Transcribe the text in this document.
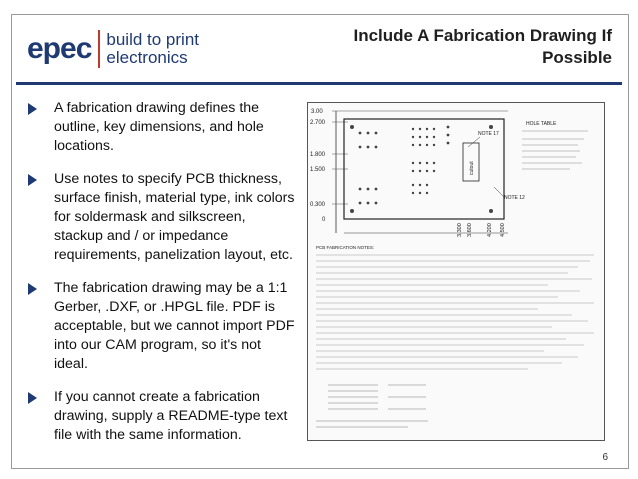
epec build to print
electronics
Include A Fabrication Drawing If
Possible
A fabrication drawing defines the outline, key dimensions, and hole locations.
Use notes to specify PCB thickness, surface finish, material type, ink colors for soldermask and silkscreen, stackup and / or impedance requirements, panelization layout, etc.
The fabrication drawing may be a 1:1 Gerber, .DXF, or .HPGL file. PDF is acceptable, but we cannot import PDF into our CAM program, so it's not ideal.
If you cannot create a fabrication drawing, supply a README-type text file with the same information.
3.00
2.700
1.800
1.500
0.300
0
cutout
NOTE 17
NOTE 12
3.300 3.600	4.200 4.500
HOLE TABLE
PCB FABRICATION NOTES:
6
